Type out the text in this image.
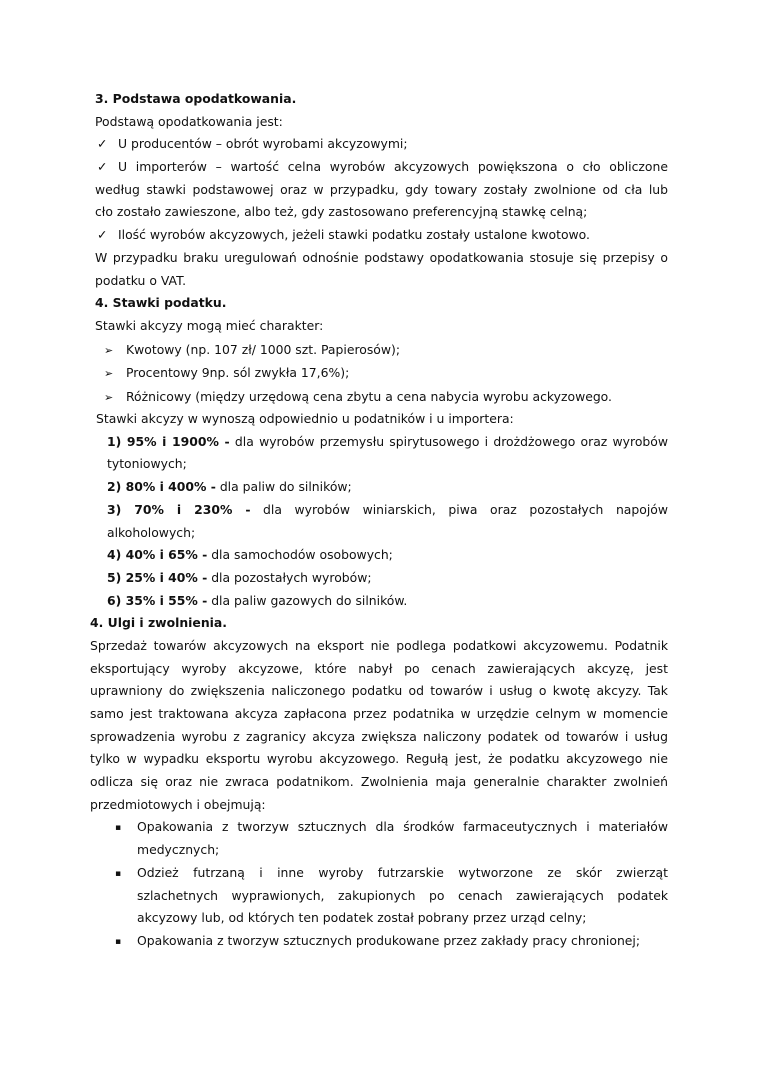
3. Podstawa opodatkowania.
Podstawą opodatkowania jest:
✓ U producentów – obrót wyrobami akcyzowymi;
✓ U importerów – wartość celna wyrobów akcyzowych powiększona o cło obliczone
według stawki podstawowej oraz w przypadku, gdy towary zostały zwolnione od cła lub
cło zostało zawieszone, albo też, gdy zastosowano preferencyjną stawkę celną;
✓ Ilość wyrobów akcyzowych, jeżeli stawki podatku zostały ustalone kwotowo.
W przypadku braku uregulowań odnośnie podstawy opodatkowania stosuje się przepisy o
podatku o VAT.
4. Stawki podatku.
Stawki akcyzy mogą mieć charakter:
➢ Kwotowy (np. 107 zł/ 1000 szt. Papierosów);
➢ Procentowy 9np. sól zwykła 17,6%);
➢ Różnicowy (między urzędową cena zbytu a cena nabycia wyrobu ackyzowego.
Stawki akcyzy w wynoszą odpowiednio u podatników i u importera:
1) 95% i 1900% - dla wyrobów przemysłu spirytusowego i drożdżowego oraz wyrobów
tytoniowych;
2) 80% i 400% - dla paliw do silników;
3) 70% i 230% - dla wyrobów winiarskich, piwa oraz pozostałych napojów
alkoholowych;
4) 40% i 65% - dla samochodów osobowych;
5) 25% i 40% - dla pozostałych wyrobów;
6) 35% i 55% - dla paliw gazowych do silników.
4. Ulgi i zwolnienia.
Sprzedaż towarów akcyzowych na eksport nie podlega podatkowi akcyzowemu. Podatnik
eksportujący wyroby akcyzowe, które nabył po cenach zawierających akcyzę, jest
uprawniony do zwiększenia naliczonego podatku od towarów i usług o kwotę akcyzy. Tak
samo jest traktowana akcyza zapłacona przez podatnika w urzędzie celnym w momencie
sprowadzenia wyrobu z zagranicy akcyza zwiększa naliczony podatek od towarów i usług
tylko w wypadku eksportu wyrobu akcyzowego. Regułą jest, że podatku akcyzowego nie
odlicza się oraz nie zwraca podatnikom. Zwolnienia maja generalnie charakter zwolnień
przedmiotowych i obejmują:
▪ Opakowania z tworzyw sztucznych dla środków farmaceutycznych i materiałów
medycznych;
▪ Odzież futrzaną i inne wyroby futrzarskie wytworzone ze skór zwierząt
szlachetnych wyprawionych, zakupionych po cenach zawierających podatek
akcyzowy lub, od których ten podatek został pobrany przez urząd celny;
▪ Opakowania z tworzyw sztucznych produkowane przez zakłady pracy chronionej;
